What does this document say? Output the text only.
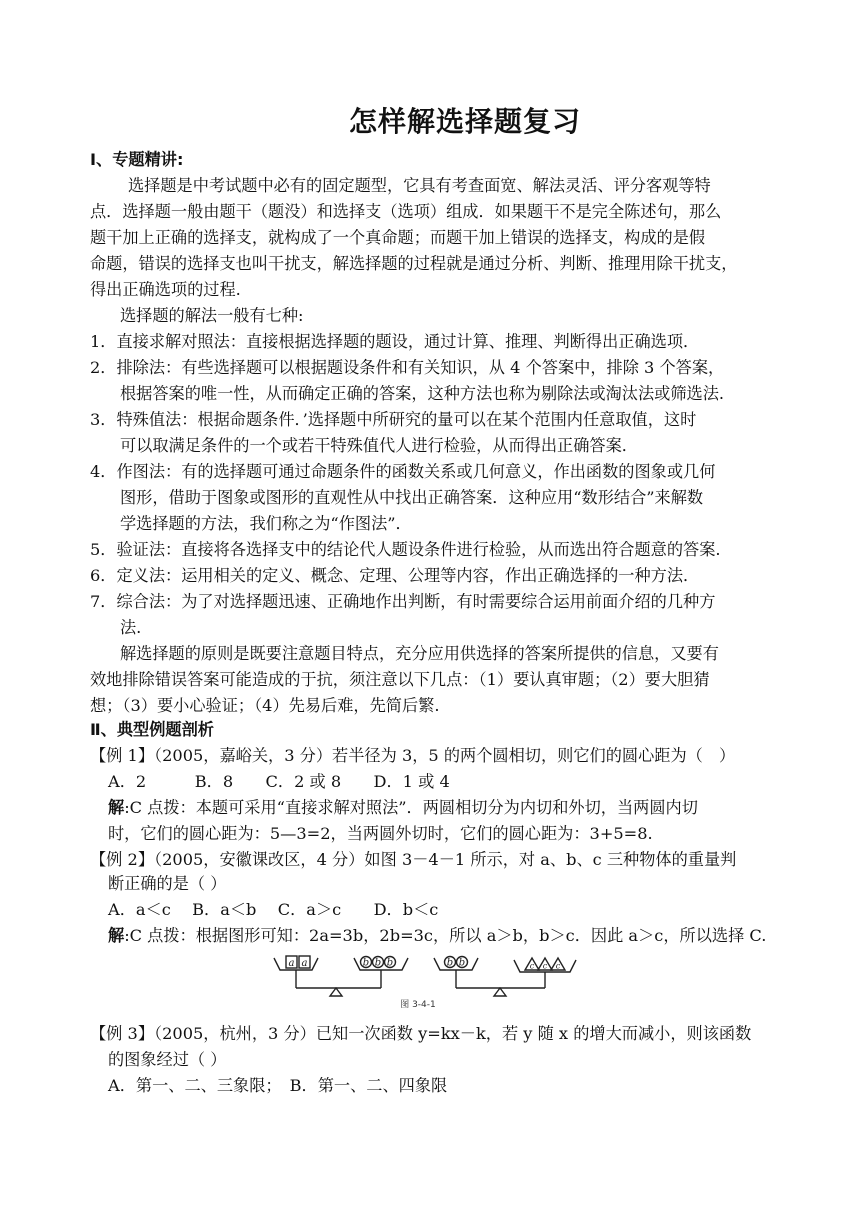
怎样解选择题复习
Ⅰ、专题精讲:
选择题是中考试题中必有的固定题型，它具有考查面宽、解法灵活、评分客观等特
点．选择题一般由题干（题没）和选择支（选项）组成．如果题干不是完全陈述句，那么
题干加上正确的选择支，就构成了一个真命题；而题干加上错误的选择支，构成的是假
命题，错误的选择支也叫干扰支，解选择题的过程就是通过分析、判断、推理用除干扰支，
得出正确选项的过程.
选择题的解法一般有七种:
1．直接求解对照法：直接根据选择题的题设，通过计算、推理、判断得出正确选项．
2．排除法：有些选择题可以根据题设条件和有关知识，从 4 个答案中，排除 3 个答案，
根据答案的唯一性，从而确定正确的答案，这种方法也称为剔除法或淘汰法或筛选法.
3．特殊值法：根据命题条件．’选择题中所研究的量可以在某个范围内任意取值，这时
可以取满足条件的一个或若干特殊值代人进行检验，从而得出正确答案．
4．作图法：有的选择题可通过命题条件的函数关系或几何意义，作出函数的图象或几何
图形，借助于图象或图形的直观性从中找出正确答案．这种应用“数形结合”来解数
学选择题的方法，我们称之为“作图法”．
5．验证法：直接将各选择支中的结论代人题设条件进行检验，从而选出符合题意的答案.
6．定义法：运用相关的定义、概念、定理、公理等内容，作出正确选择的一种方法．
7．综合法：为了对选择题迅速、正确地作出判断，有时需要综合运用前面介绍的几种方
法.
解选择题的原则是既要注意题目特点，充分应用供选择的答案所提供的信息，又要有
效地排除错误答案可能造成的于抗，须注意以下几点：（1）要认真审题；（2）要大胆猜
想；（3）要小心验证；（4）先易后难，先简后繁.
Ⅱ、典型例题剖析
【例 1】（2005，嘉峪关，3 分）若半径为 3，5 的两个圆相切，则它们的圆心距为（　）
A．2　　　B．8　　C．2 或 8　　D．1 或 4
解:C 点拨：本题可采用“直接求解对照法”．两圆相切分为内切和外切，当两圆内切
时，它们的圆心距为：5—3=2，当两圆外切时，它们的圆心距为：3+5=8.
【例 2】（2005，安徽课改区，4 分）如图 3－4－1 所示，对 a、b、c 三种物体的重量判
断正确的是（ ）
A．a＜c　 B．a＜b　 C．a＞c　　D．b＜c
解:C 点拨：根据图形可知：2a=3b，2b=3c，所以 a＞b，b＞c．因此 a＞c，所以选择 C.
a a	b b b	b b	c c c
图 3-4-1
【例 3】（2005，杭州，3 分）已知一次函数 y=kx－k，若 y 随 x 的增大而减小，则该函数
的图象经过（ ）
A．第一、二、三象限；　B．第一、二、四象限
